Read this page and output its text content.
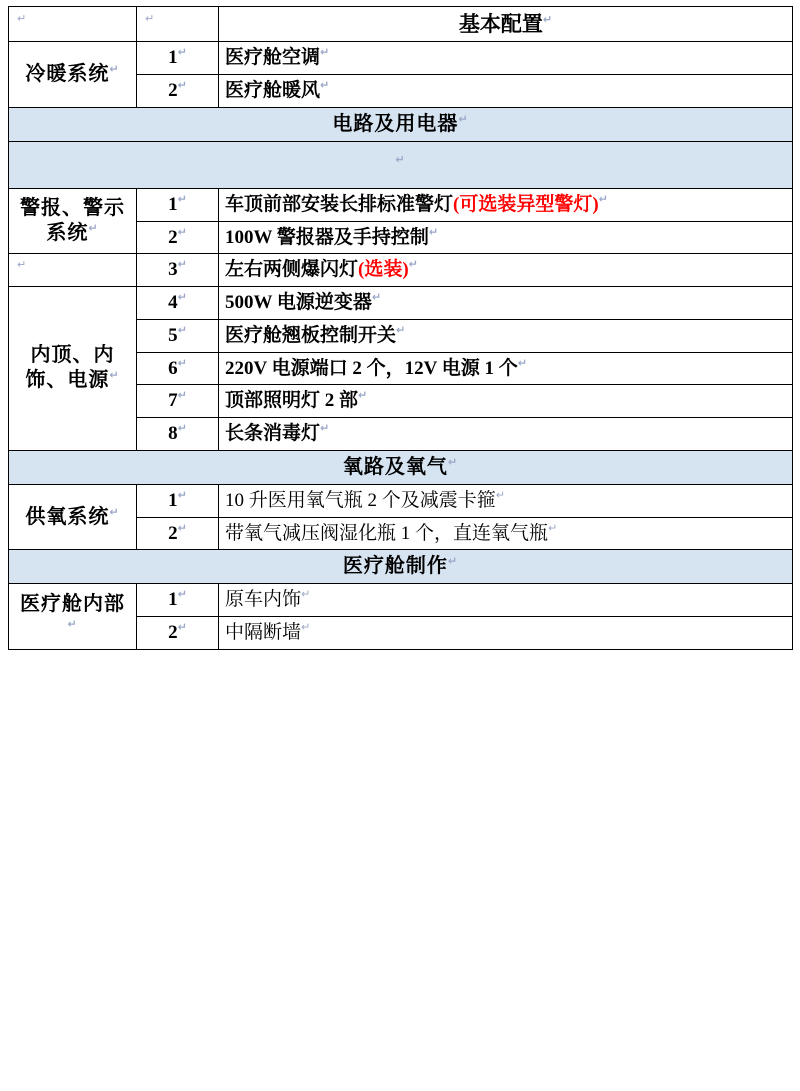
↵	↵	基本配置↵
冷暖系统↵	1↵	医疗舱空调↵
	2↵	医疗舱暖风↵
电路及用电器↵
↵		
警报、警示系统↵	1↵	车顶前部安装长排标准警灯(可选装异型警灯)↵
	2↵	100W 警报器及手持控制↵
↵	3↵	左右两侧爆闪灯(选装)↵
内顶、内饰、电源↵	4↵	500W 电源逆变器↵
	5↵	医疗舱翘板控制开关↵
	6↵	220V 电源端口 2 个，12V 电源 1 个↵
	7↵	顶部照明灯 2 部↵
	8↵	长条消毒灯↵
氧路及氧气↵
供氧系统↵	1↵	10 升医用氧气瓶 2 个及减震卡箍↵
	2↵	带氧气减压阀湿化瓶 1 个，直连氧气瓶↵
医疗舱制作↵
医疗舱内部↵	1↵	原车内饰↵
	2↵	中隔断墙↵
